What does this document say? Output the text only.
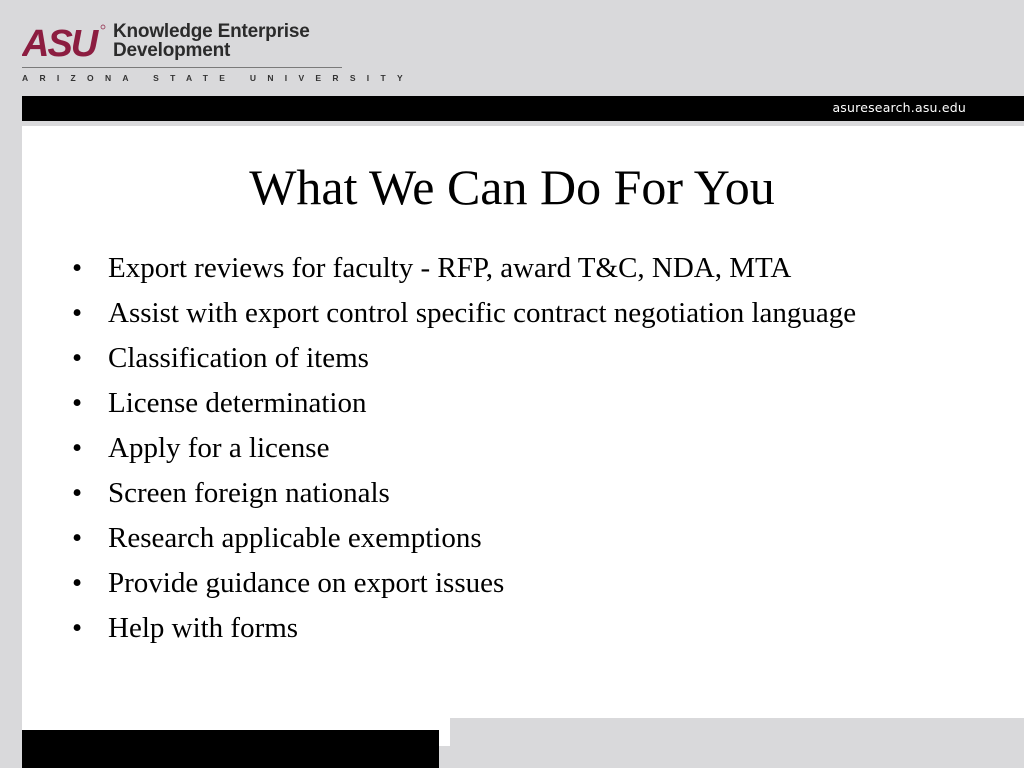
ASU Knowledge Enterprise
Development
ARIZONA STATE UNIVERSITY
asuresearch.asu.edu
What We Can Do For You
• Export reviews for faculty - RFP, award T&C, NDA, MTA
• Assist with export control specific contract negotiation language
• Classification of items
• License determination
• Apply for a license
• Screen foreign nationals
• Research applicable exemptions
• Provide guidance on export issues
• Help with forms
